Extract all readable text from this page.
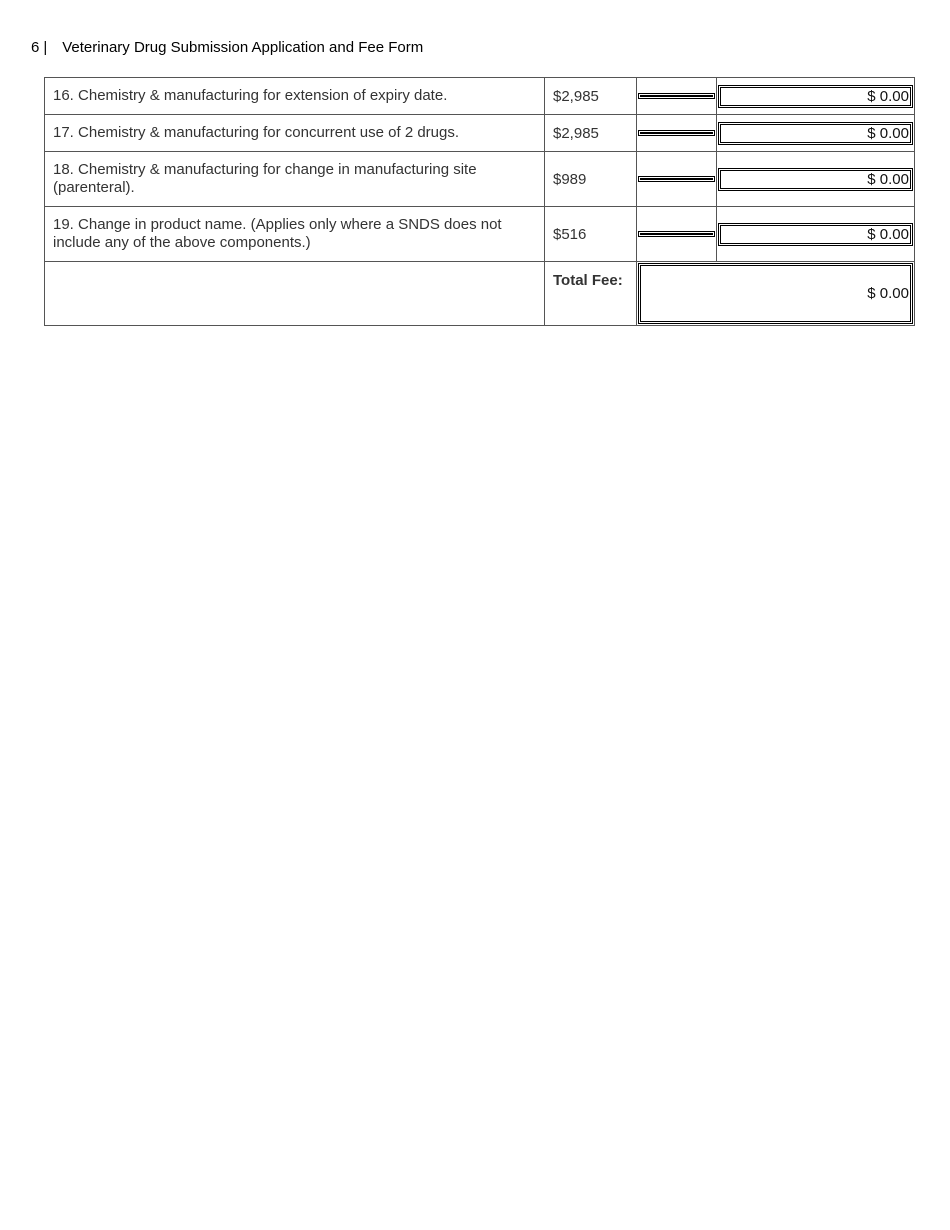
6 | Veterinary Drug Submission Application and Fee Form
16. Chemistry & manufacturing for extension of expiry date.	$2,985		$ 0.00

17. Chemistry & manufacturing for concurrent use of 2 drugs.	$2,985		$ 0.00

18. Chemistry & manufacturing for change in manufacturing site (parenteral).	$989		$ 0.00

19. Change in product name. (Applies only where a SNDS does not include any of the above components.)	$516		$ 0.00

	Total Fee:	$ 0.00	
